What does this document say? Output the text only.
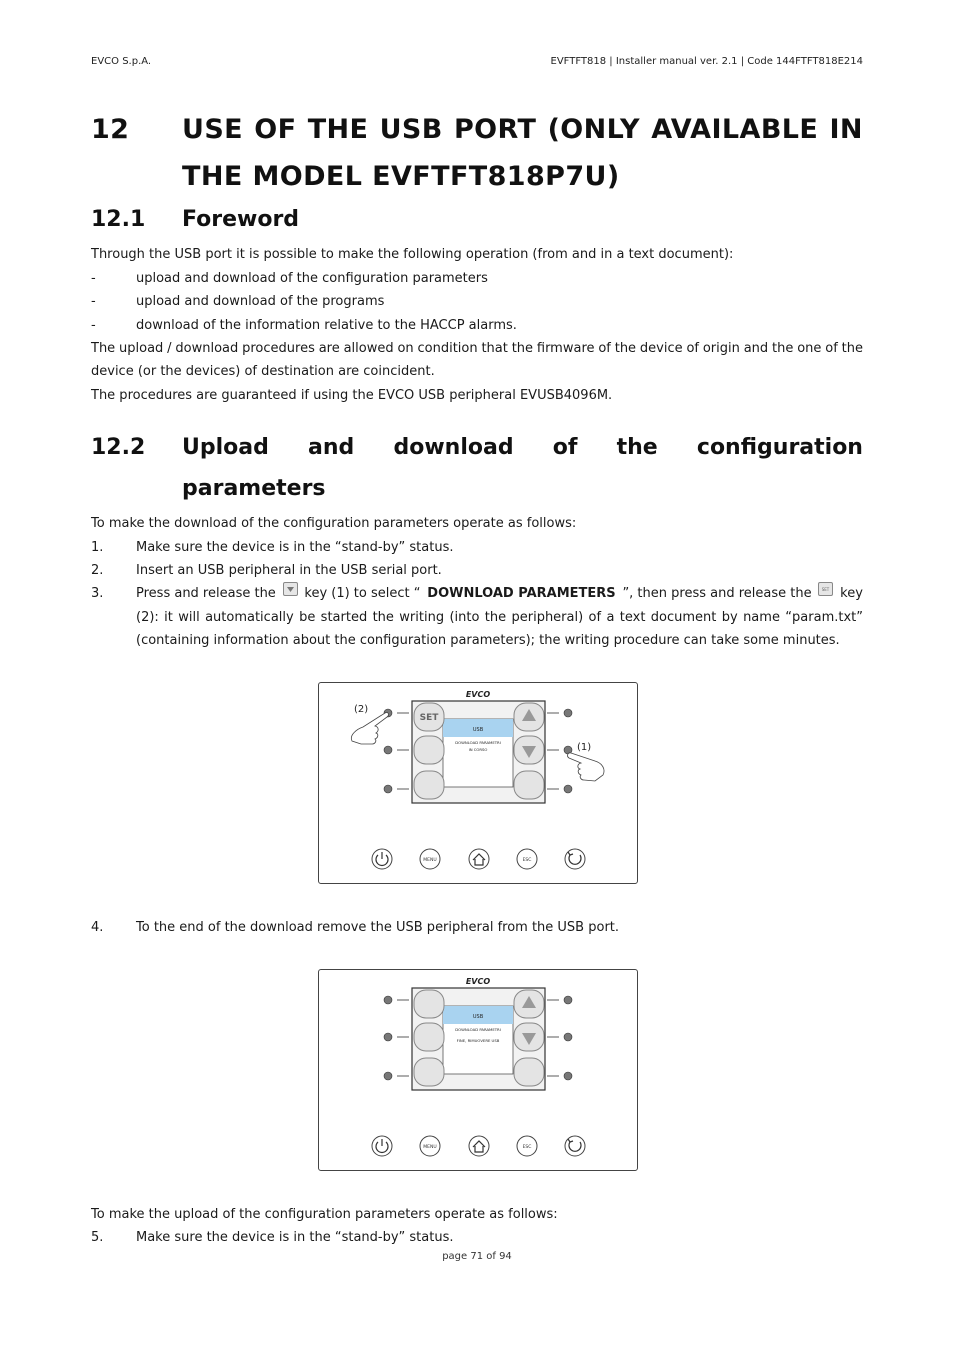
EVCO S.p.A.	EVFTFT818 | Installer manual ver. 2.1 | Code 144FTFT818E214
12 USE OF THE USB PORT (ONLY AVAILABLE IN
THE MODEL EVFTFT818P7U)
12.1 Foreword
Through the USB port it is possible to make the following operation (from and in a text document):
-	upload and download of the configuration parameters
-	upload and download of the programs
-	download of the information relative to the HACCP alarms.
The upload / download procedures are allowed on condition that the firmware of the device of origin and the one of the
device (or the devices) of destination are coincident.
The procedures are guaranteed if using the EVCO USB peripheral EVUSB4096M.
12.2 Upload and download of the configuration
parameters
To make the download of the configuration parameters operate as follows:
1.	Make sure the device is in the “stand-by” status.
2.	Insert an USB peripheral in the USB serial port.
3.	Press and release the key (1) to select “ DOWNLOAD PARAMETERS ”, then press and release the	SET key
(2): it will automatically be started the writing (into the peripheral) of a text document by name “param.txt”
(containing information about the configuration parameters); the writing procedure can take some minutes.
EVCO
USB
DOWNLOAD PARAMETRI
IN CORSO
SET
(2)
(1)
MENU	ESC
4.	To the end of the download remove the USB peripheral from the USB port.
EVCO
USB
DOWNLOAD PARAMETRI
FINE, RIMUOVERE USB
MENU	ESC
To make the upload of the configuration parameters operate as follows:
5.	Make sure the device is in the “stand-by” status.
page 71 of 94
